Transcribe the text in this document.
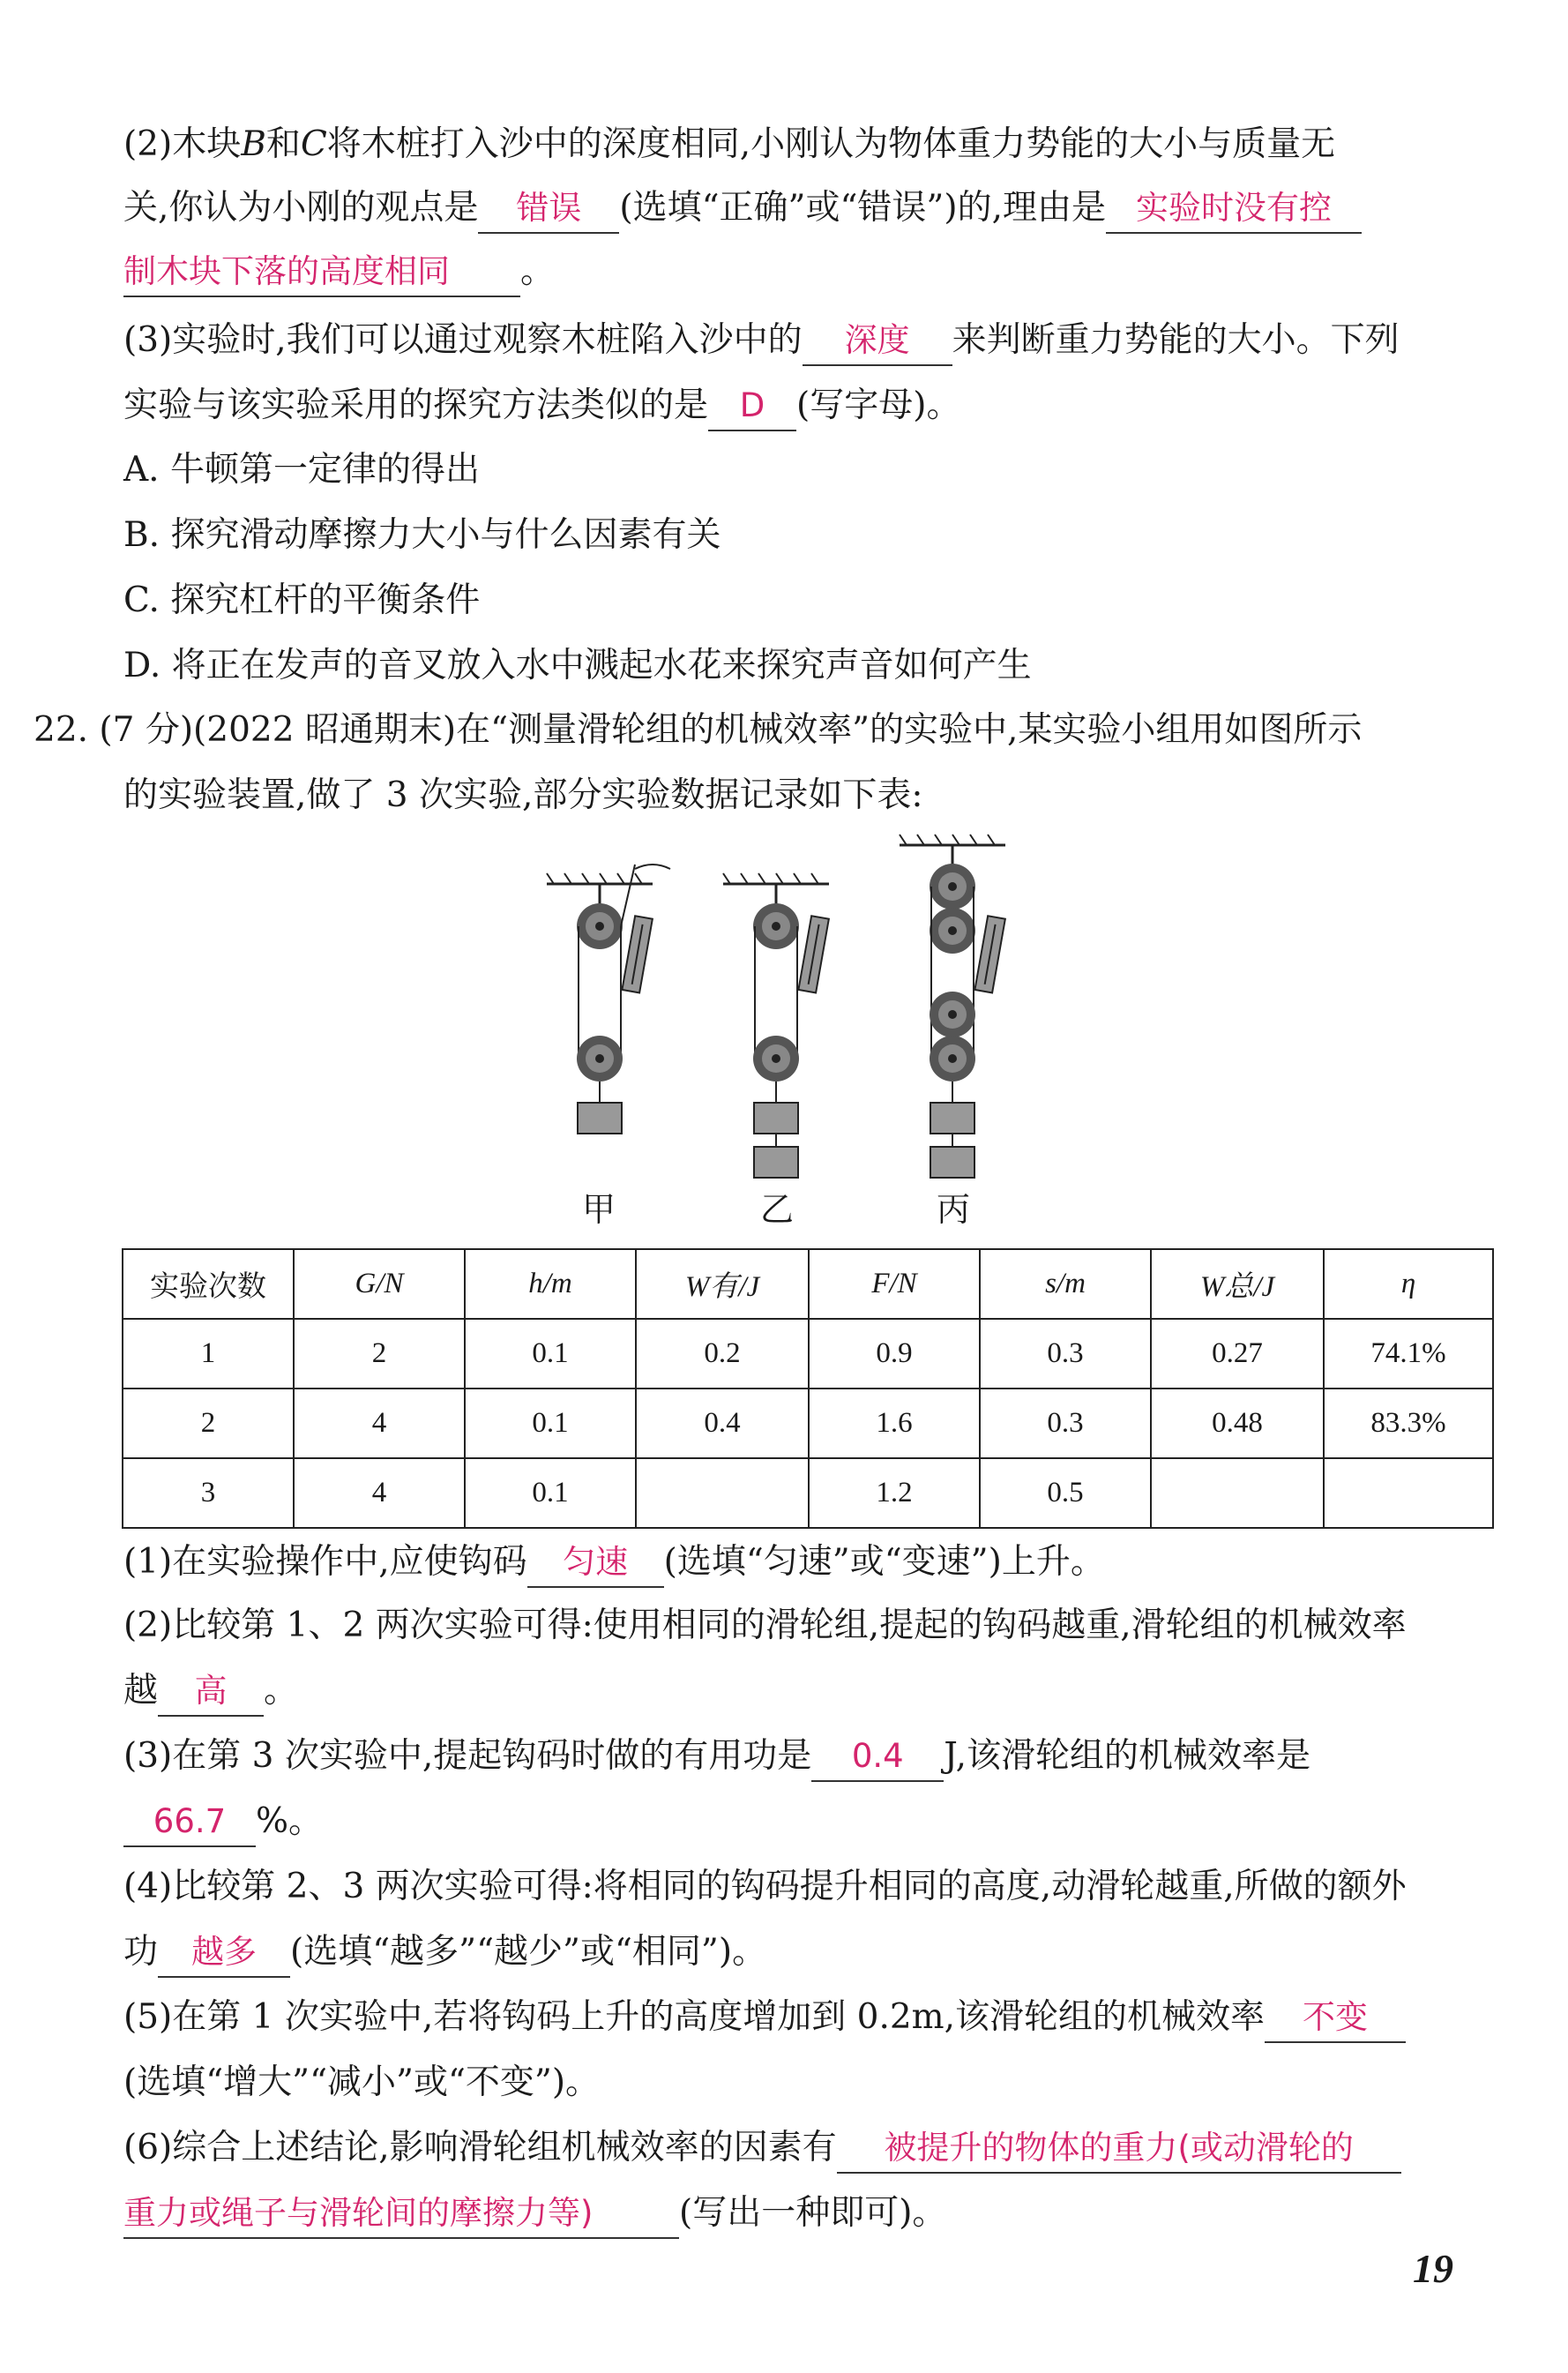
(2)木块B和C将木桩打入沙中的深度相同,小刚认为物体重力势能的大小与质量无
关,你认为小刚的观点是 错误 (选填“正确”或“错误”)的,理由是 实验时没有控
制木块下落的高度相同 。
(3)实验时,我们可以通过观察木桩陷入沙中的 深度 来判断重力势能的大小。下列
实验与该实验采用的探究方法类似的是 D (写字母)。
A. 牛顿第一定律的得出
B. 探究滑动摩擦力大小与什么因素有关
C. 探究杠杆的平衡条件
D. 将正在发声的音叉放入水中溅起水花来探究声音如何产生
22. (7 分)(2022 昭通期末)在“测量滑轮组的机械效率”的实验中,某实验小组用如图所示
的实验装置,做了 3 次实验,部分实验数据记录如下表:
甲	乙	丙
实验次数	G/N	h/m	W有/J	F/N	s/m	W总/J	η
1	2	0.1	0.2	0.9	0.3	0.27	74.1%
2	4	0.1	0.4	1.6	0.3	0.48	83.3%
3	4	0.1		1.2	0.5		
(1)在实验操作中,应使钩码 匀速 (选填“匀速”或“变速”)上升。
(2)比较第 1、2 两次实验可得:使用相同的滑轮组,提起的钩码越重,滑轮组的机械效率
越 高 。
(3)在第 3 次实验中,提起钩码时做的有用功是 0.4 J,该滑轮组的机械效率是
66.7 %。
(4)比较第 2、3 两次实验可得:将相同的钩码提升相同的高度,动滑轮越重,所做的额外
功 越多 (选填“越多”“越少”或“相同”)。
(5)在第 1 次实验中,若将钩码上升的高度增加到 0.2m,该滑轮组的机械效率 不变
(选填“增大”“减小”或“不变”)。
(6)综合上述结论,影响滑轮组机械效率的因素有 被提升的物体的重力(或动滑轮的
重力或绳子与滑轮间的摩擦力等)	(写出一种即可)。
19
